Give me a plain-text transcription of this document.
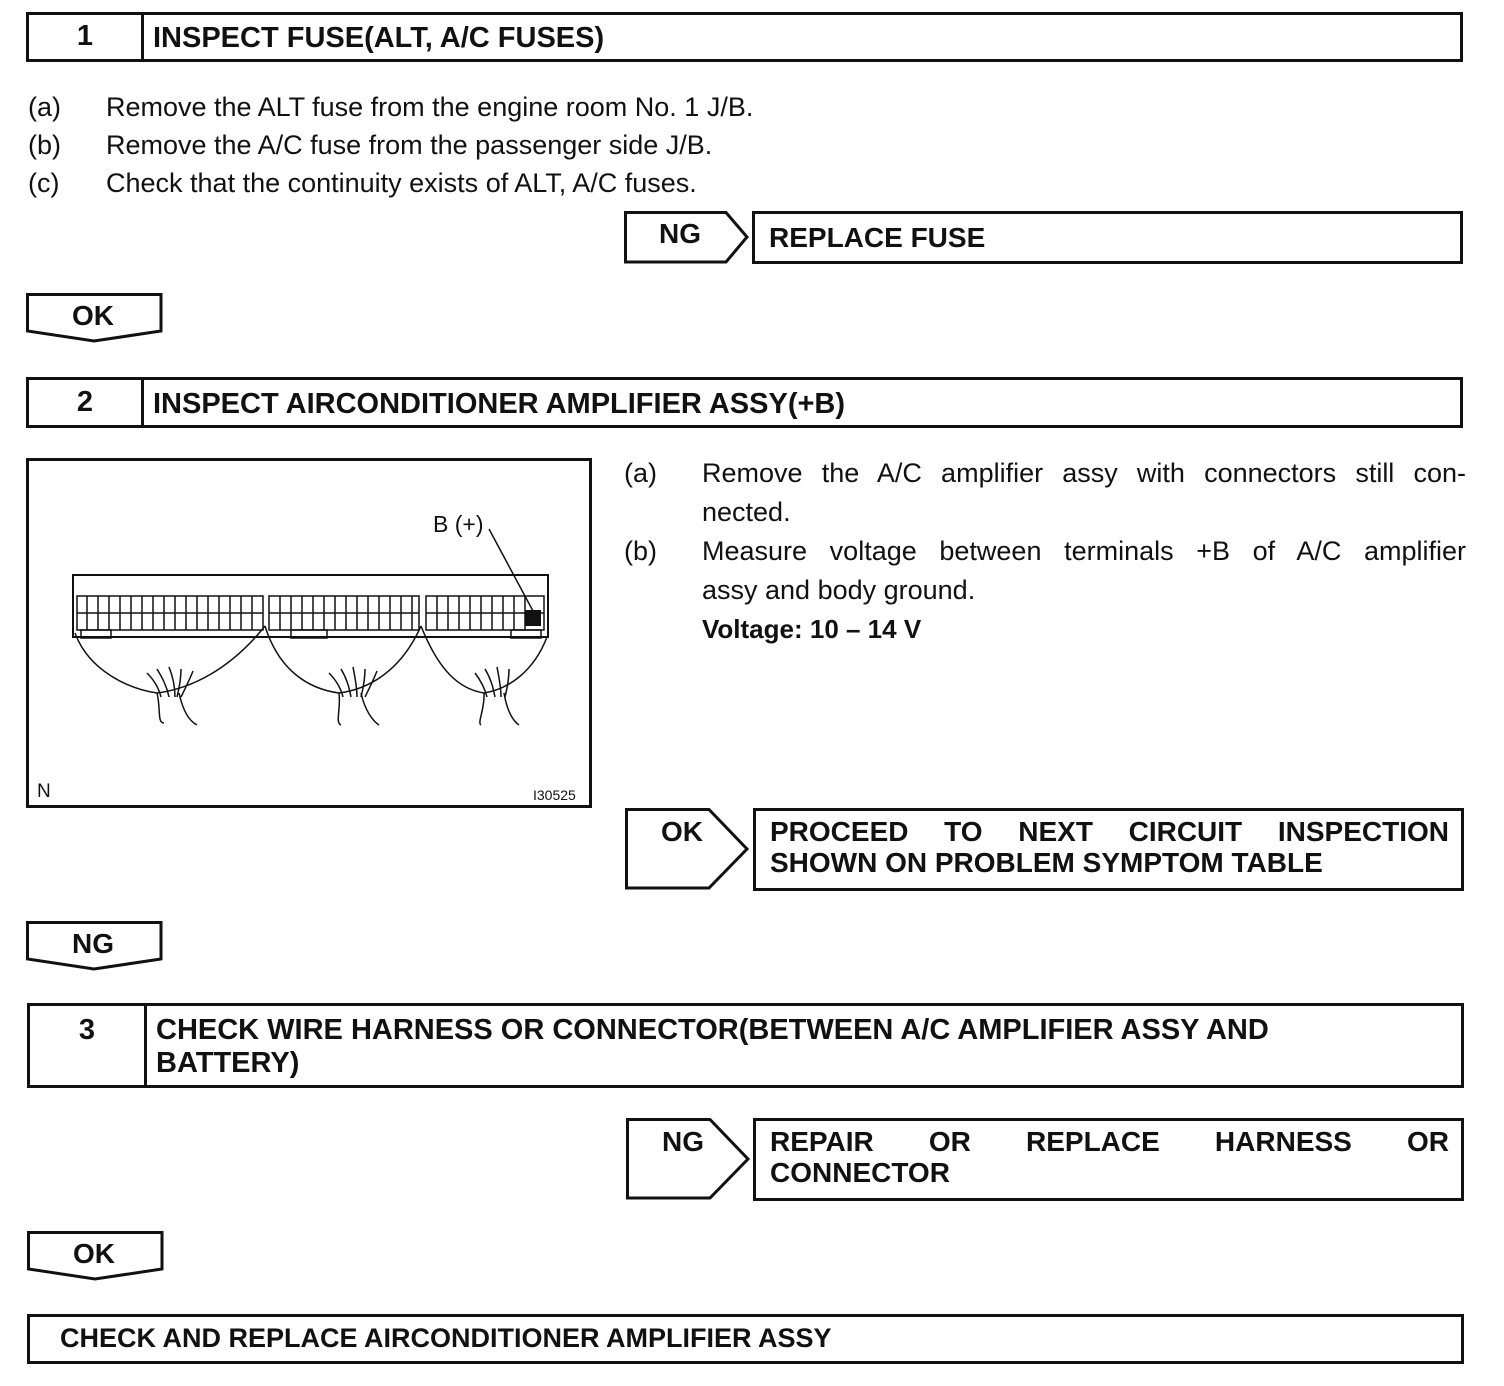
1	INSPECT FUSE(ALT, A/C FUSES)
(a) Remove the ALT fuse from the engine room No. 1 J/B.
(b) Remove the A/C fuse from the passenger side J/B.
(c) Check that the continuity exists of ALT, A/C fuses.
NG	REPLACE FUSE
OK
2	INSPECT AIRCONDITIONER AMPLIFIER ASSY(+B)
B (+)
N	I30525
(a) Remove the A/C amplifier assy with connectors still con-
nected.
(b) Measure voltage between terminals +B of A/C amplifier
assy and body ground.
Voltage: 10 – 14 V
OK	PROCEED TO NEXT CIRCUIT INSPECTION
SHOWN ON PROBLEM SYMPTOM TABLE
NG
3	CHECK WIRE HARNESS OR CONNECTOR(BETWEEN A/C AMPLIFIER ASSY AND
BATTERY)
NG	REPAIR OR REPLACE HARNESS OR
CONNECTOR
OK
CHECK AND REPLACE AIRCONDITIONER AMPLIFIER ASSY
